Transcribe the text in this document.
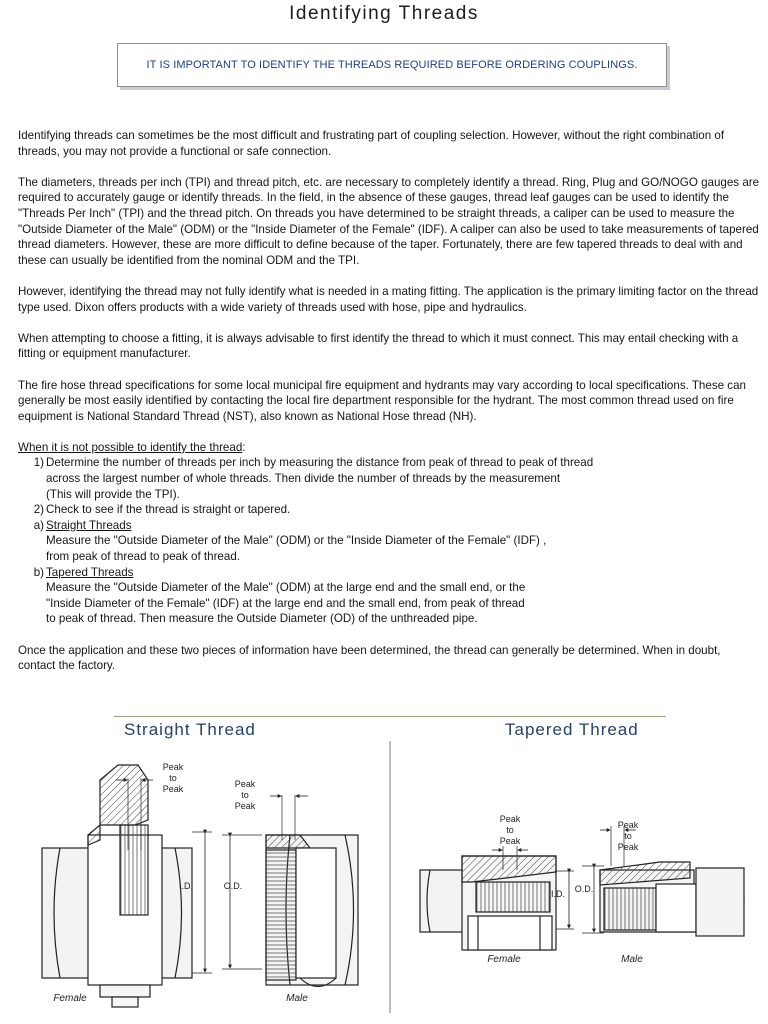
Identifying Threads
IT IS IMPORTANT TO IDENTIFY THE THREADS REQUIRED BEFORE ORDERING COUPLINGS.

Identifying threads can sometimes be the most difficult and frustrating part of coupling selection. However, without the right combination of threads, you may not provide a functional or safe connection.

The diameters, threads per inch (TPI) and thread pitch, etc. are necessary to completely identify a thread. Ring, Plug and GO/NOGO gauges are required to accurately gauge or identify threads. In the field, in the absence of these gauges, thread leaf gauges can be used to identify the "Threads Per Inch" (TPI) and the thread pitch. On threads you have determined to be straight threads, a caliper can be used to measure the "Outside Diameter of the Male" (ODM) or the "Inside Diameter of the Female" (IDF). A caliper can also be used to take measurements of tapered thread diameters. However, these are more difficult to define because of the taper. Fortunately, there are few tapered threads to deal with and these can usually be identified from the nominal ODM and the TPI.

However, identifying the thread may not fully identify what is needed in a mating fitting. The application is the primary limiting factor on the thread type used. Dixon offers products with a wide variety of threads used with hose, pipe and hydraulics.

When attempting to choose a fitting, it is always advisable to first identify the thread to which it must connect. This may entail checking with a fitting or equipment manufacturer.

The fire hose thread specifications for some local municipal fire equipment and hydrants may vary according to local specifications. These can generally be most easily identified by contacting the local fire department responsible for the hydrant. The most common thread used on fire equipment is National Standard Thread (NST), also known as National Hose thread (NH).

When it is not possible to identify the thread:
1) Determine the number of threads per inch by measuring the distance from peak of thread to peak of thread
across the largest number of whole threads. Then divide the number of threads by the measurement
(This will provide the TPI).
2) Check to see if the thread is straight or tapered.
a) Straight Threads
Measure the "Outside Diameter of the Male" (ODM) or the "Inside Diameter of the Female" (IDF) ,
from peak of thread to peak of thread.
b) Tapered Threads
Measure the "Outside Diameter of the Male" (ODM) at the large end and the small end, or the
"Inside Diameter of the Female" (IDF) at the large end and the small end, from peak of thread
to peak of thread. Then measure the Outside Diameter (OD) of the unthreaded pipe.

Once the application and these two pieces of information have been determined, the thread can generally be determined. When in doubt, contact the factory.

Straight Thread	Tapered Thread
Peak
to
Peak
I.D.
Female
Peak
to
Peak
O.D.
Male
Peak
to
Peak
I.D.
Female
Peak
to
Peak
O.D.
Male
